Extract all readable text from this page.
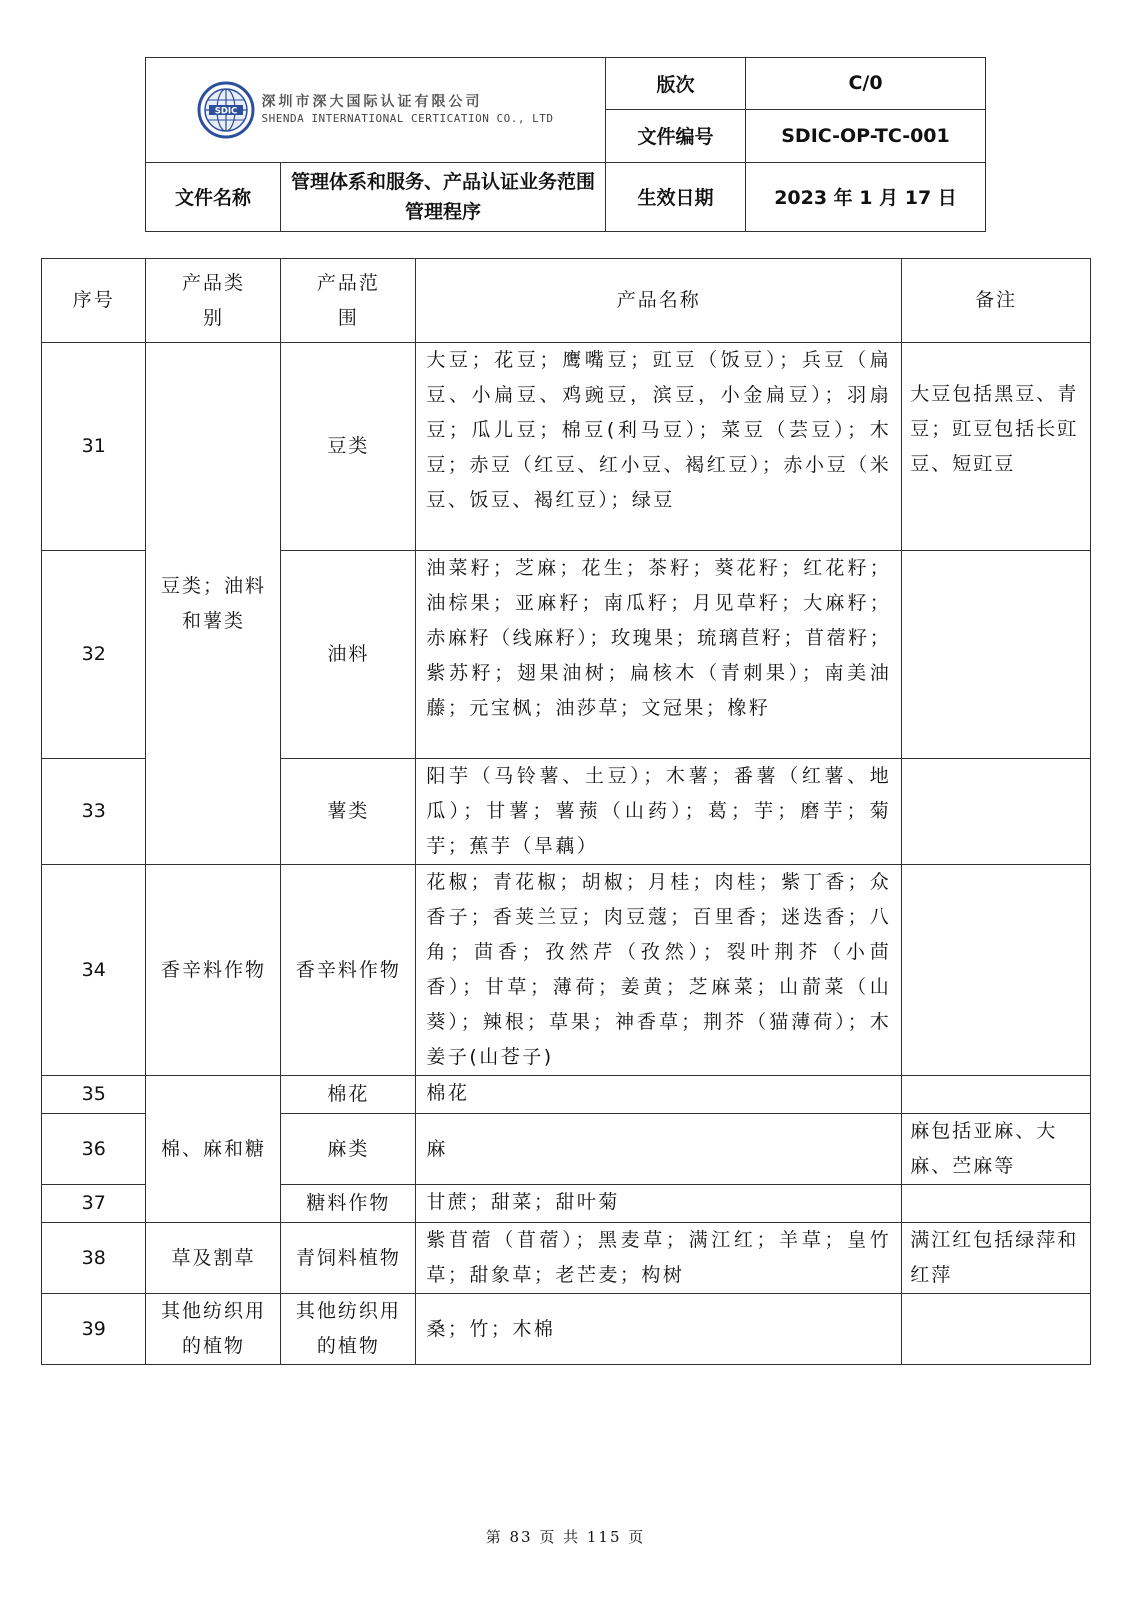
SDIC
深圳市深大国际认证有限公司
SHENDA INTERNATIONAL CERTICATION CO., LTD		版次	C/0
		文件编号	SDIC-OP-TC-001
文件名称	管理体系和服务、产品认证业务范围管理程序	生效日期	2023 年 1 月 17 日
序号	产品类别	产品范围	产品名称	备注
31	豆类；油料和薯类	豆类	大豆；花豆；鹰嘴豆；豇豆（饭豆）；兵豆（扁豆、小扁豆、鸡豌豆，滨豆，小金扁豆）；羽扇豆；瓜儿豆；棉豆(利马豆）；菜豆（芸豆）；木豆；赤豆（红豆、红小豆、褐红豆）；赤小豆（米豆、饭豆、褐红豆）；绿豆	大豆包括黑豆、青豆；豇豆包括长豇豆、短豇豆
32		油料	油菜籽；芝麻；花生；茶籽；葵花籽；红花籽；油棕果；亚麻籽；南瓜籽；月见草籽；大麻籽；赤麻籽（线麻籽）；玫瑰果；琉璃苣籽；苜蓿籽；紫苏籽；翅果油树；扁核木（青刺果）；南美油藤；元宝枫；油莎草；文冠果；橡籽	
33		薯类	阳芋（马铃薯、土豆）；木薯；番薯（红薯、地瓜）；甘薯；薯蓣（山药）；葛；芋；磨芋；菊芋；蕉芋（旱藕）	
34	香辛料作物	香辛料作物	花椒；青花椒；胡椒；月桂；肉桂；紫丁香；众香子；香荚兰豆；肉豆蔻；百里香；迷迭香；八角；茴香；孜然芹（孜然）；裂叶荆芥（小茴香）；甘草；薄荷；姜黄；芝麻菜；山葥菜（山葵）；辣根；草果；神香草；荆芥（猫薄荷）；木姜子(山苍子)	
35	棉、麻和糖	棉花	棉花	
36		麻类	麻	麻包括亚麻、大麻、苎麻等
37		糖料作物	甘蔗；甜菜；甜叶菊	
38	草及割草	青饲料植物	紫苜蓿（苜蓿）；黑麦草；满江红；羊草；皇竹草；甜象草；老芒麦；构树	满江红包括绿萍和红萍
39	其他纺织用的植物	其他纺织用的植物	桑；竹；木棉	
第 83 页 共 115 页
